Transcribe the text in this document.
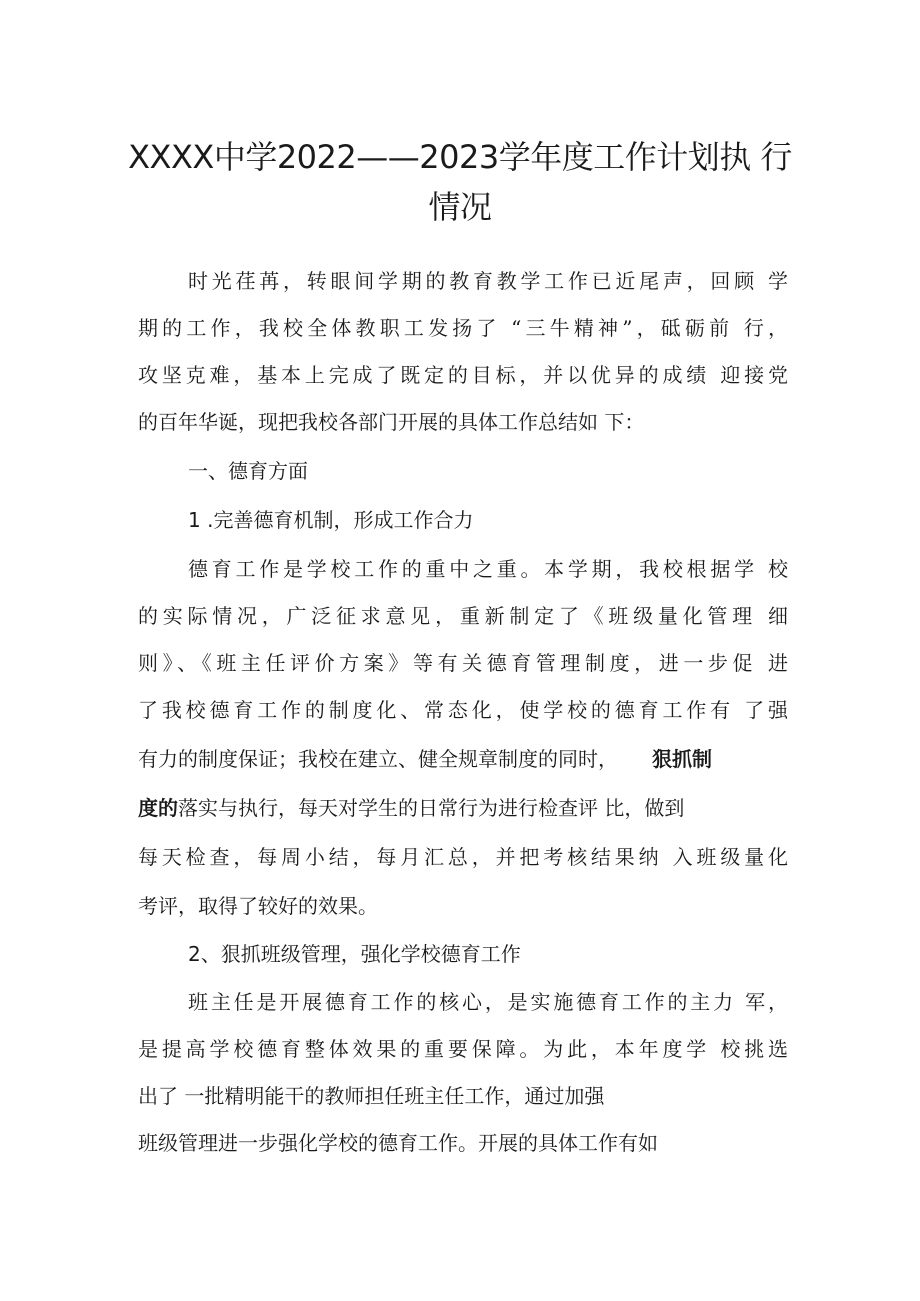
XXXX中学2022——2023学年度工作计划执 行
情况
时光荏苒，转眼间学期的教育教学工作已近尾声，回顾 学
期的工作，我校全体教职工发扬了 “三牛精神”，砥砺前 行，
攻坚克难，基本上完成了既定的目标，并以优异的成绩 迎接党
的百年华诞，现把我校各部门开展的具体工作总结如 下：
一、德育方面
1 .完善德育机制，形成工作合力
德育工作是学校工作的重中之重。本学期，我校根据学 校
的实际情况，广泛征求意见，重新制定了《班级量化管理 细
则》、《班主任评价方案》等有关德育管理制度，进一步促 进
了我校德育工作的制度化、常态化，使学校的德育工作有 了强
有力的制度保证；我校在建立、健全规章制度的同时， 狠抓制
度的落实与执行，每天对学生的日常行为进行检查评 比，做到
每天检查，每周小结，每月汇总，并把考核结果纳 入班级量化
考评，取得了较好的效果。
2、狠抓班级管理，强化学校德育工作
班主任是开展德育工作的核心，是实施德育工作的主力 军，
是提高学校德育整体效果的重要保障。为此，本年度学 校挑选
出了 一批精明能干的教师担任班主任工作，通过加强
班级管理进一步强化学校的德育工作。开展的具体工作有如
